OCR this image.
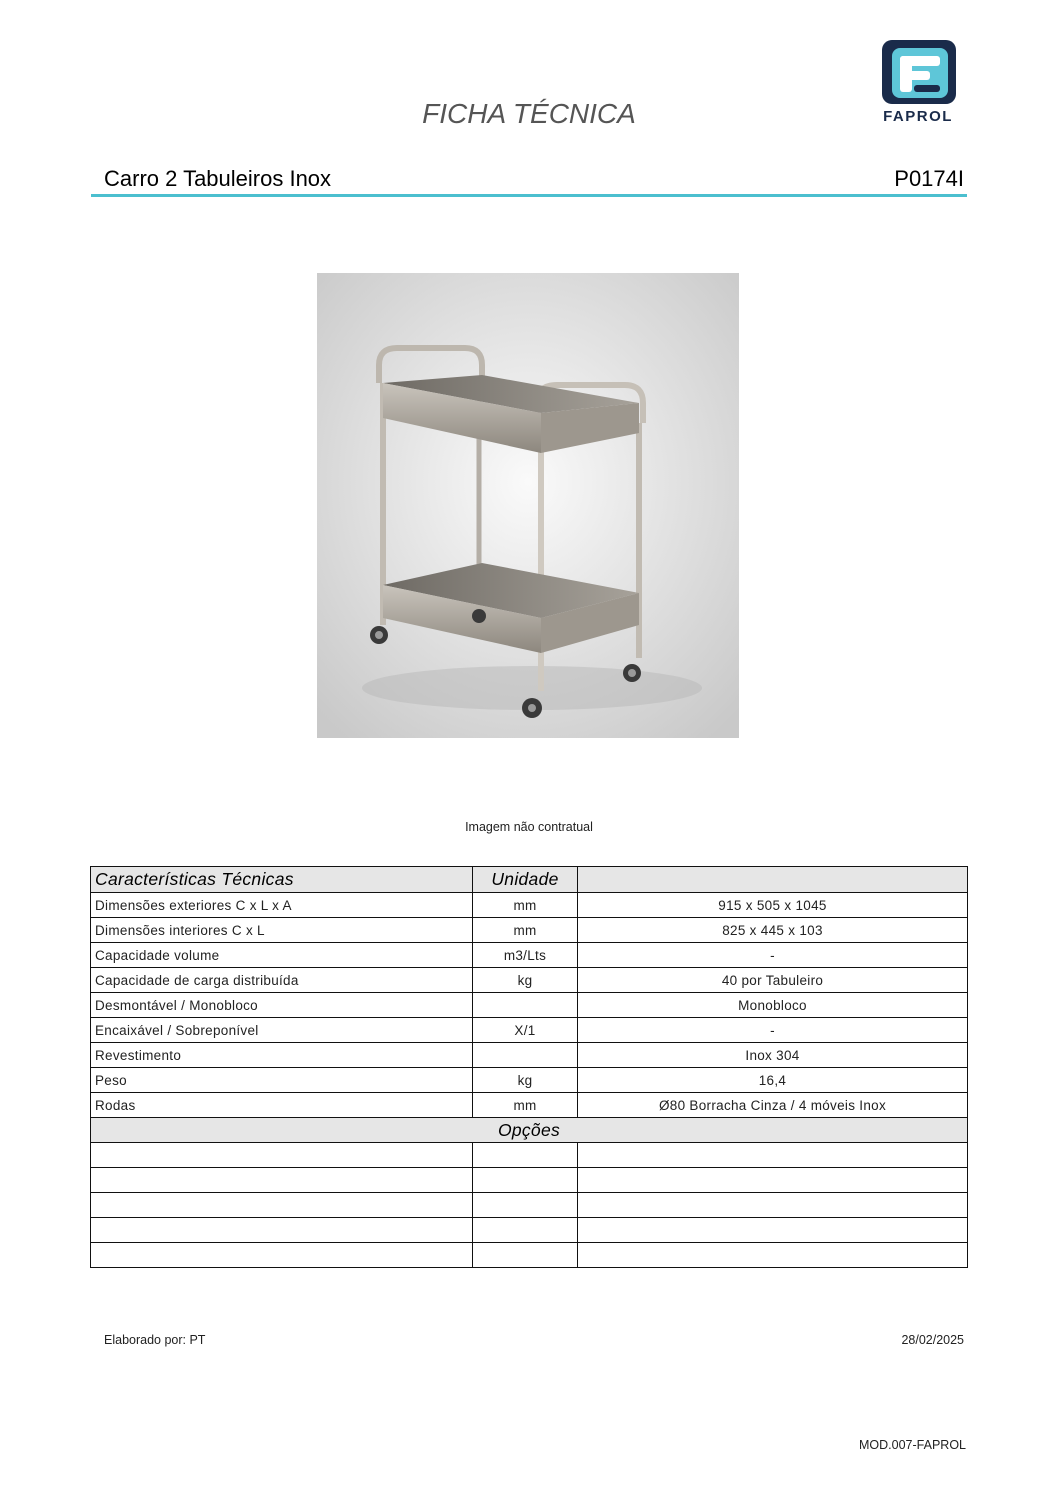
FAPROL
FICHA TÉCNICA
Carro 2 Tabuleiros Inox	P0174I
Imagem não contratual
Características Técnicas	Unidade	
Dimensões exteriores C x L x A	mm	915 x 505 x 1045
Dimensões interiores C x L	mm	825 x 445 x 103
Capacidade volume	m3/Lts	-
Capacidade de carga distribuída	kg	40 por Tabuleiro
Desmontável / Monobloco		Monobloco
Encaixável / Sobreponível	X/1	-
Revestimento		Inox 304
Peso	kg	16,4
Rodas	mm	Ø80 Borracha Cinza / 4 móveis Inox
Opções		

Elaborado por: PT	28/02/2025
MOD.007-FAPROL
